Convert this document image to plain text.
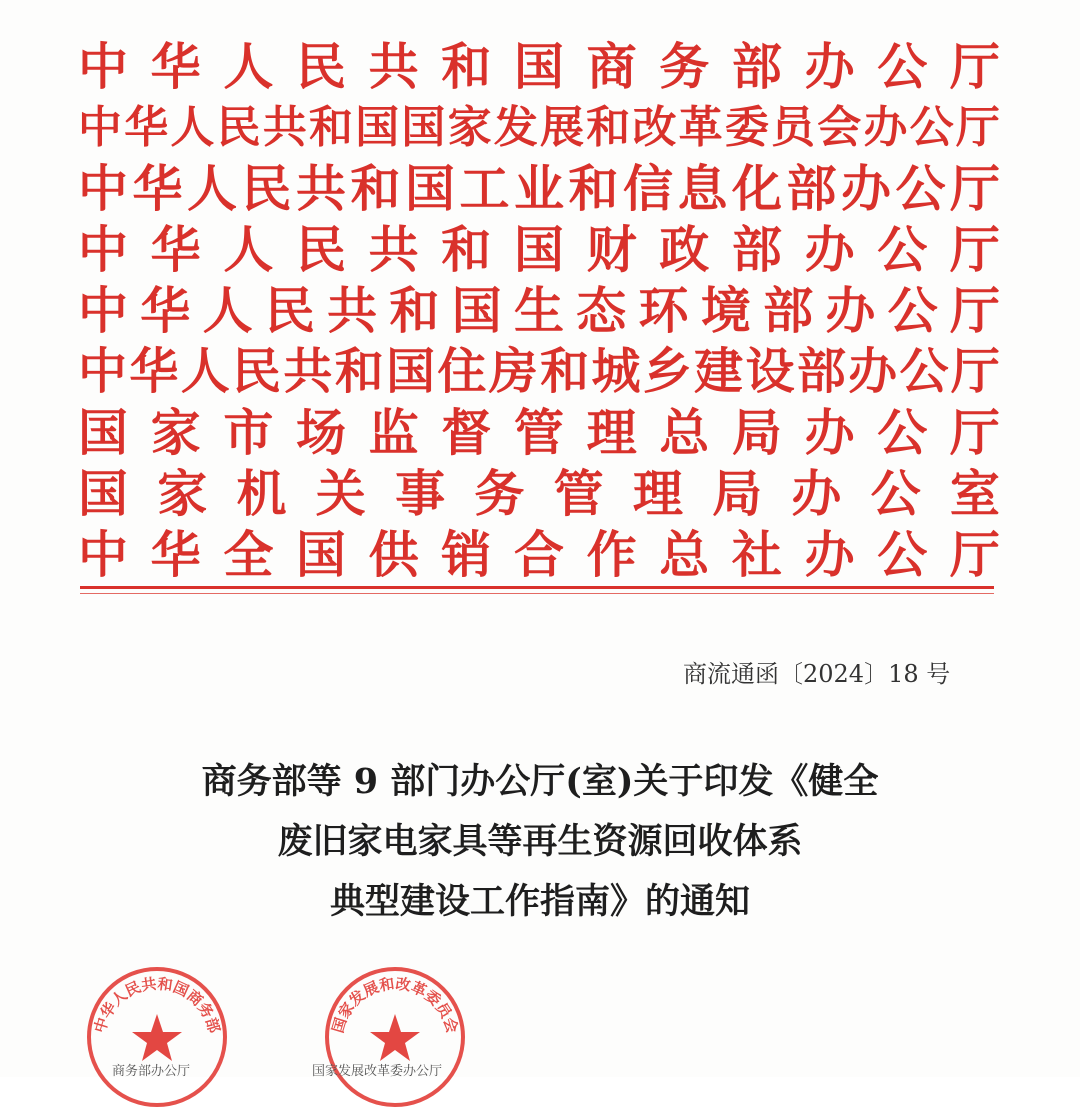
中 华 人 民 共 和 国 商 务 部 办 公 厅
中 华 人 民 共 和 国 国 家 发 展 和 改 革 委 员 会 办 公 厅
中 华 人 民 共 和 国 工 业 和 信 息 化 部 办 公 厅
中 华 人 民 共 和 国 财 政 部 办 公 厅
中 华 人 民 共 和 国 生 态 环 境 部 办 公 厅
中 华 人 民 共 和 国 住 房 和 城 乡 建 设 部 办 公 厅
国 家 市 场 监 督 管 理 总 局 办 公 厅
国 家 机 关 事 务 管 理 局 办 公 室
中 华 全 国 供 销 合 作 总 社 办 公 厅
商流通函〔2024〕18 号
商务部等 9 部门办公厅(室)关于印发《健全
废旧家电家具等再生资源回收体系
典型建设工作指南》的通知
中华人民共和国商务部	国家发展和改革委员会
商务部办公厅	国家发展改革委办公厅
